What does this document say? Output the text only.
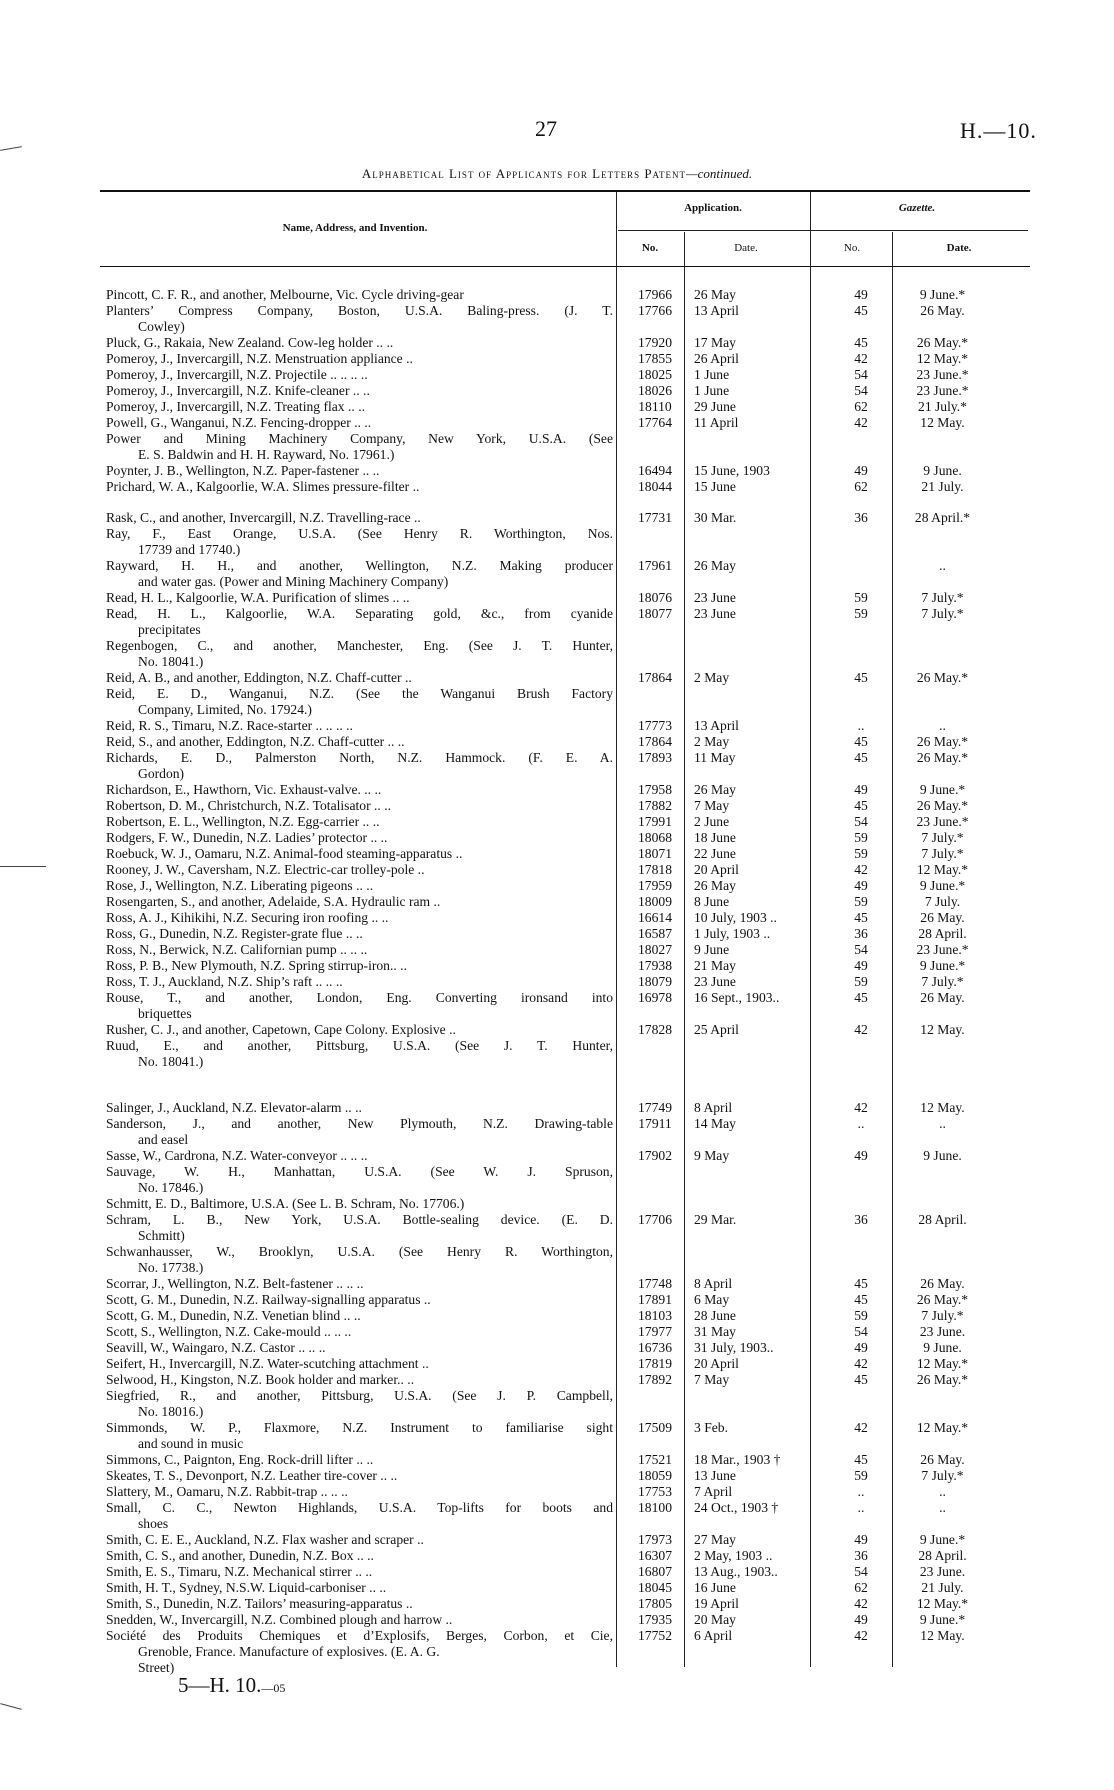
27	H.—10.
Alphabetical List of Applicants for Letters Patent—continued.
Name, Address, and Invention.
Application.	Gazette.
No.	Date.	No.	Date.
Pincott, C. F. R., and another, Melbourne, Vic. Cycle driving-gear	17966	26 May	49	9 June.*
Planters’ Compress Company, Boston, U.S.A. Baling-press. (J. T.
Cowley)
17766	13 April	45	26 May.
Pluck, G., Rakaia, New Zealand. Cow-leg holder .. ..	17920	17 May	45	26 May.*
Pomeroy, J., Invercargill, N.Z. Menstruation appliance ..	17855	26 April	42	12 May.*
Pomeroy, J., Invercargill, N.Z. Projectile .. .. .. ..	18025	1 June	54	23 June.*
Pomeroy, J., Invercargill, N.Z. Knife-cleaner .. ..	18026	1 June	54	23 June.*
Pomeroy, J., Invercargill, N.Z. Treating flax .. ..	18110	29 June	62	21 July.*
Powell, G., Wanganui, N.Z. Fencing-dropper .. ..	17764	11 April	42	12 May.
Power and Mining Machinery Company, New York, U.S.A. (See
E. S. Baldwin and H. H. Rayward, No. 17961.)
Poynter, J. B., Wellington, N.Z. Paper-fastener .. ..	16494	15 June, 1903	49	9 June.
Prichard, W. A., Kalgoorlie, W.A. Slimes pressure-filter ..	18044	15 June	62	21 July.
Rask, C., and another, Invercargill, N.Z. Travelling-race ..	17731	30 Mar.	36	28 April.*
Ray, F., East Orange, U.S.A. (See Henry R. Worthington, Nos.
17739 and 17740.)
Rayward, H. H., and another, Wellington, N.Z. Making producer
and water gas. (Power and Mining Machinery Company)
17961	26 May	..
Read, H. L., Kalgoorlie, W.A. Purification of slimes .. ..	18076	23 June	59	7 July.*
Read, H. L., Kalgoorlie, W.A. Separating gold, &c., from cyanide
precipitates
18077	23 June	59	7 July.*
Regenbogen, C., and another, Manchester, Eng. (See J. T. Hunter,
No. 18041.)
Reid, A. B., and another, Eddington, N.Z. Chaff-cutter ..	17864	2 May	45	26 May.*
Reid, E. D., Wanganui, N.Z. (See the Wanganui Brush Factory
Company, Limited, No. 17924.)
Reid, R. S., Timaru, N.Z. Race-starter .. .. .. ..	17773	13 April	..	..
Reid, S., and another, Eddington, N.Z. Chaff-cutter .. ..	17864	2 May	45	26 May.*
Richards, E. D., Palmerston North, N.Z. Hammock. (F. E. A.
Gordon)
17893	11 May	45	26 May.*
Richardson, E., Hawthorn, Vic. Exhaust-valve. .. ..	17958	26 May	49	9 June.*
Robertson, D. M., Christchurch, N.Z. Totalisator .. ..	17882	7 May	45	26 May.*
Robertson, E. L., Wellington, N.Z. Egg-carrier .. ..	17991	2 June	54	23 June.*
Rodgers, F. W., Dunedin, N.Z. Ladies’ protector .. ..	18068	18 June	59	7 July.*
Roebuck, W. J., Oamaru, N.Z. Animal-food steaming-apparatus ..	18071	22 June	59	7 July.*
Rooney, J. W., Caversham, N.Z. Electric-car trolley-pole ..	17818	20 April	42	12 May.*
Rose, J., Wellington, N.Z. Liberating pigeons .. ..	17959	26 May	49	9 June.*
Rosengarten, S., and another, Adelaide, S.A. Hydraulic ram ..	18009	8 June	59	7 July.
Ross, A. J., Kihikihi, N.Z. Securing iron roofing .. ..	16614	10 July, 1903 ..	45	26 May.
Ross, G., Dunedin, N.Z. Register-grate flue .. ..	16587	1 July, 1903 ..	36	28 April.
Ross, N., Berwick, N.Z. Californian pump .. .. ..	18027	9 June	54	23 June.*
Ross, P. B., New Plymouth, N.Z. Spring stirrup-iron.. ..	17938	21 May	49	9 June.*
Ross, T. J., Auckland, N.Z. Ship’s raft .. .. ..	18079	23 June	59	7 July.*
Rouse, T., and another, London, Eng. Converting ironsand into
briquettes
16978	16 Sept., 1903..	45	26 May.
Rusher, C. J., and another, Capetown, Cape Colony. Explosive ..	17828	25 April	42	12 May.
Ruud, E., and another, Pittsburg, U.S.A. (See J. T. Hunter,
No. 18041.)
Salinger, J., Auckland, N.Z. Elevator-alarm .. ..	17749	8 April	42	12 May.
Sanderson, J., and another, New Plymouth, N.Z. Drawing-table
and easel
17911	14 May	..	..
Sasse, W., Cardrona, N.Z. Water-conveyor .. .. ..	17902	9 May	49	9 June.
Sauvage, W. H., Manhattan, U.S.A. (See W. J. Spruson,
No. 17846.)
Schmitt, E. D., Baltimore, U.S.A. (See L. B. Schram, No. 17706.)
Schram, L. B., New York, U.S.A. Bottle-sealing device. (E. D.
Schmitt)
17706	29 Mar.	36	28 April.
Schwanhausser, W., Brooklyn, U.S.A. (See Henry R. Worthington,
No. 17738.)
Scorrar, J., Wellington, N.Z. Belt-fastener .. .. ..	17748	8 April	45	26 May.
Scott, G. M., Dunedin, N.Z. Railway-signalling apparatus ..	17891	6 May	45	26 May.*
Scott, G. M., Dunedin, N.Z. Venetian blind .. ..	18103	28 June	59	7 July.*
Scott, S., Wellington, N.Z. Cake-mould .. .. ..	17977	31 May	54	23 June.
Seavill, W., Waingaro, N.Z. Castor .. .. ..	16736	31 July, 1903..	49	9 June.
Seifert, H., Invercargill, N.Z. Water-scutching attachment ..	17819	20 April	42	12 May.*
Selwood, H., Kingston, N.Z. Book holder and marker.. ..	17892	7 May	45	26 May.*
Siegfried, R., and another, Pittsburg, U.S.A. (See J. P. Campbell,
No. 18016.)
Simmonds, W. P., Flaxmore, N.Z. Instrument to familiarise sight
and sound in music
17509	3 Feb.	42	12 May.*
Simmons, C., Paignton, Eng. Rock-drill lifter .. ..	17521	18 Mar., 1903 †	45	26 May.
Skeates, T. S., Devonport, N.Z. Leather tire-cover .. ..	18059	13 June	59	7 July.*
Slattery, M., Oamaru, N.Z. Rabbit-trap .. .. ..	17753	7 April	..	..
Small, C. C., Newton Highlands, U.S.A. Top-lifts for boots and
shoes
18100	24 Oct., 1903 †	..	..
Smith, C. E. E., Auckland, N.Z. Flax washer and scraper ..	17973	27 May	49	9 June.*
Smith, C. S., and another, Dunedin, N.Z. Box .. ..	16307	2 May, 1903 ..	36	28 April.
Smith, E. S., Timaru, N.Z. Mechanical stirrer .. ..	16807	13 Aug., 1903..	54	23 June.
Smith, H. T., Sydney, N.S.W. Liquid-carboniser .. ..	18045	16 June	62	21 July.
Smith, S., Dunedin, N.Z. Tailors’ measuring-apparatus ..	17805	19 April	42	12 May.*
Snedden, W., Invercargill, N.Z. Combined plough and harrow ..	17935	20 May	49	9 June.*
Société des Produits Chemiques et d’Explosifs, Berges, Corbon, et Cie,
Grenoble, France. Manufacture of explosives. (E. A. G.
Street)
17752	6 April	42	12 May.
5—H. 10.—05
